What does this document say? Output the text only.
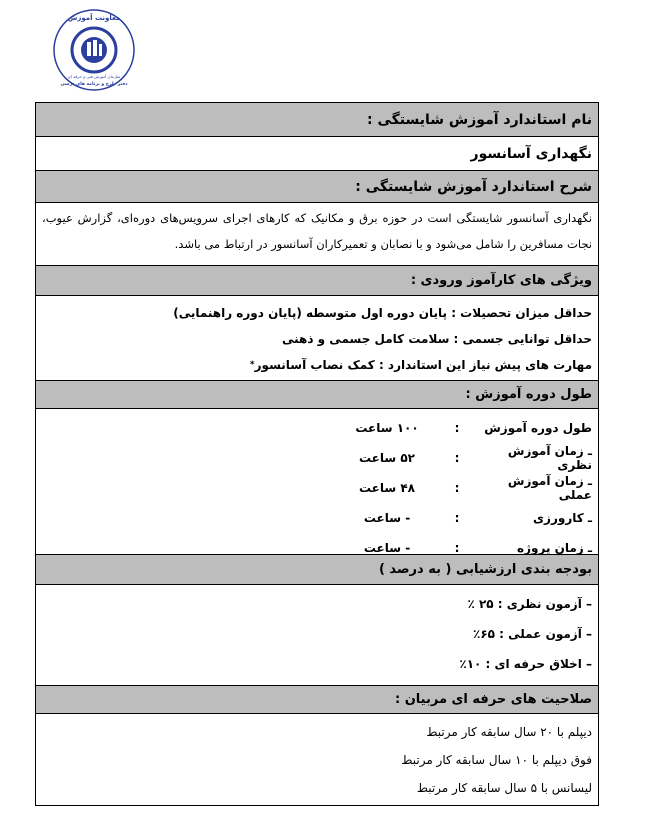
معاونت آموزش
سازمان آموزش فنی و حرفه ای
دفتر طرح و برنامه های درسی
نام استاندارد آموزش شایستگی :
نگهداری آسانسور
شرح استاندارد آموزش شایستگی :
نگهداری آسانسور شایستگی است در حوزه برق و مکانیک که کارهای اجرای سرویس‌های دوره‌ای، گزارش عیوب، نجات مسافرین را شامل می‌شود و با نصابان و تعمیرکاران آسانسور در ارتباط می باشد.
ویژگی های کارآموز ورودی :
حداقل میزان تحصیلات : پایان دوره اول متوسطه (پایان دوره راهنمایی)
حداقل توانایی جسمی : سلامت کامل جسمی و ذهنی
مهارت های پیش نیاز این استاندارد : کمک نصاب آسانسور
*
طول دوره آموزش :
طول دوره آموزش
:
۱۰۰ ساعت
ـ زمان آموزش نظری
:
۵۲ ساعت
ـ زمان آموزش عملی
:
۴۸ ساعت
ـ کارورزی
:
- ساعت
ـ زمان پروژه
:
- ساعت
بودجه بندی ارزشیابی ( به درصد )
– آزمون نظری : ۲۵ ٪
– آزمون عملی : ۶۵٪
– اخلاق حرفه ای : ۱۰٪
صلاحیت های حرفه ای مربیان :
دیپلم با ۲۰ سال سابقه کار مرتبط
فوق دیپلم با ۱۰ سال سابقه کار مرتبط
لیسانس با ۵ سال سابقه کار مرتبط
